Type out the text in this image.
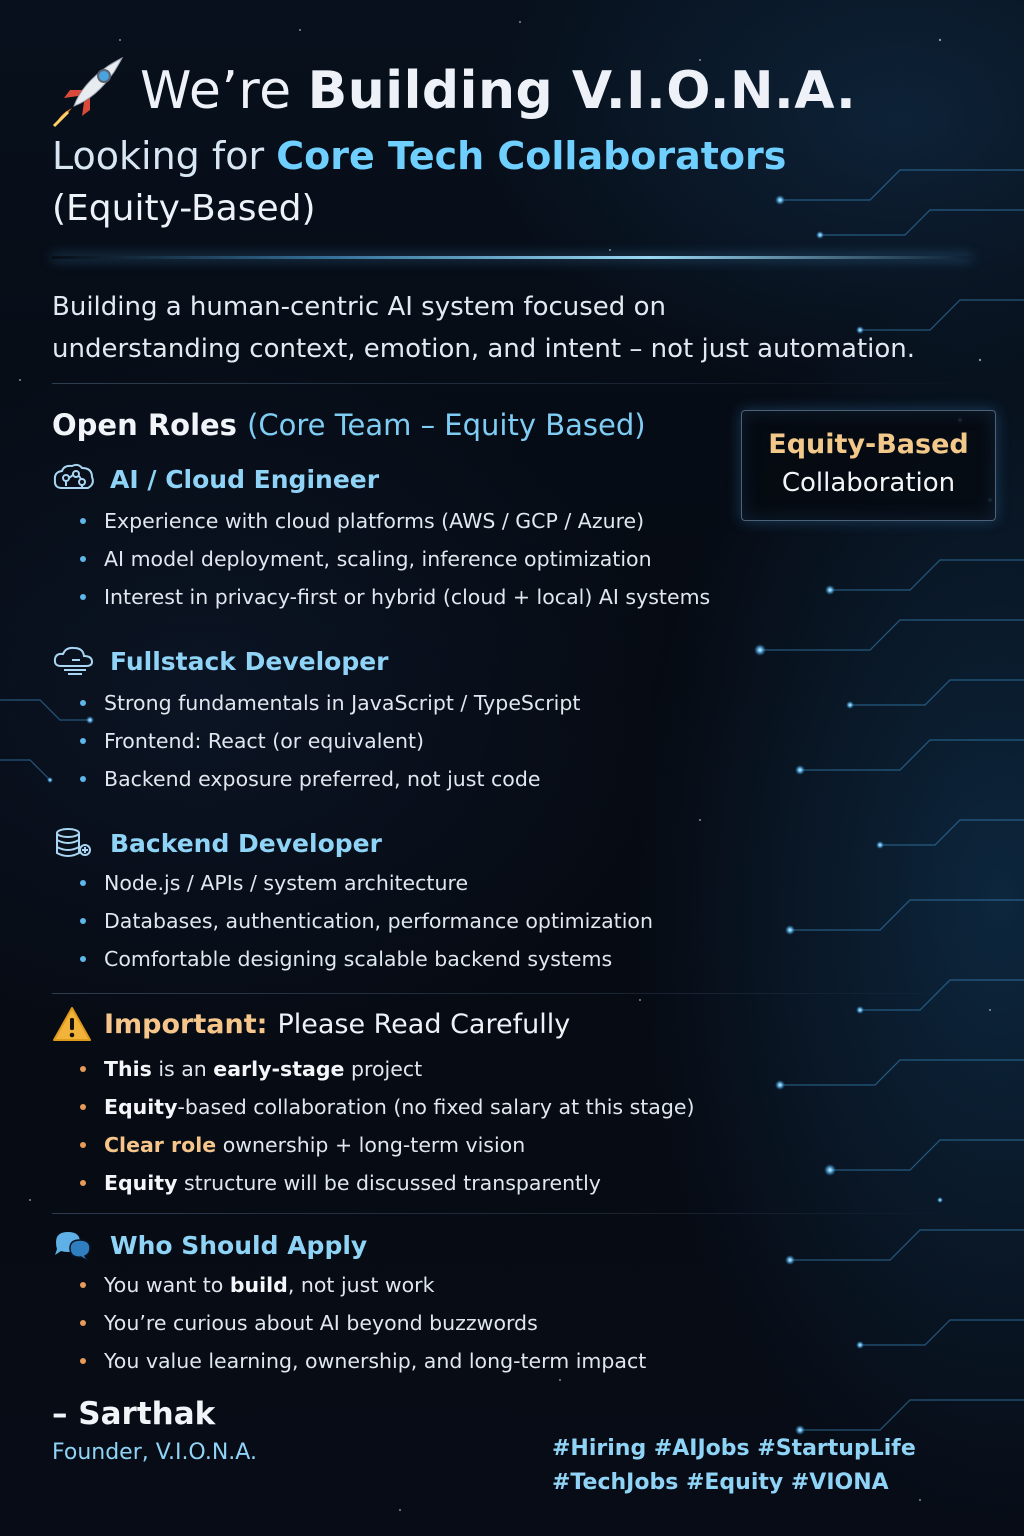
We’re Building V.I.O.N.A.
Looking for Core Tech Collaborators
(Equity-Based)
Building a human-centric AI system focused on
understanding context, emotion, and intent – not just automation.
Open Roles (Core Team – Equity Based)
Equity-Based
Collaboration
AI / Cloud Engineer
Experience with cloud platforms (AWS / GCP / Azure)
AI model deployment, scaling, inference optimization
Interest in privacy-first or hybrid (cloud + local) AI systems
Fullstack Developer
Strong fundamentals in JavaScript / TypeScript
Frontend: React (or equivalent)
Backend exposure preferred, not just code
Backend Developer
Node.js / APIs / system architecture
Databases, authentication, performance optimization
Comfortable designing scalable backend systems
Important: Please Read Carefully
This is an early-stage project
Equity-based collaboration (no fixed salary at this stage)
Clear role ownership + long-term vision
Equity structure will be discussed transparently
Who Should Apply
You want to build, not just work
You’re curious about AI beyond buzzwords
You value learning, ownership, and long-term impact
– Sarthak
Founder, V.I.O.N.A.	#Hiring #AIJobs #StartupLife
#TechJobs #Equity #VIONA
